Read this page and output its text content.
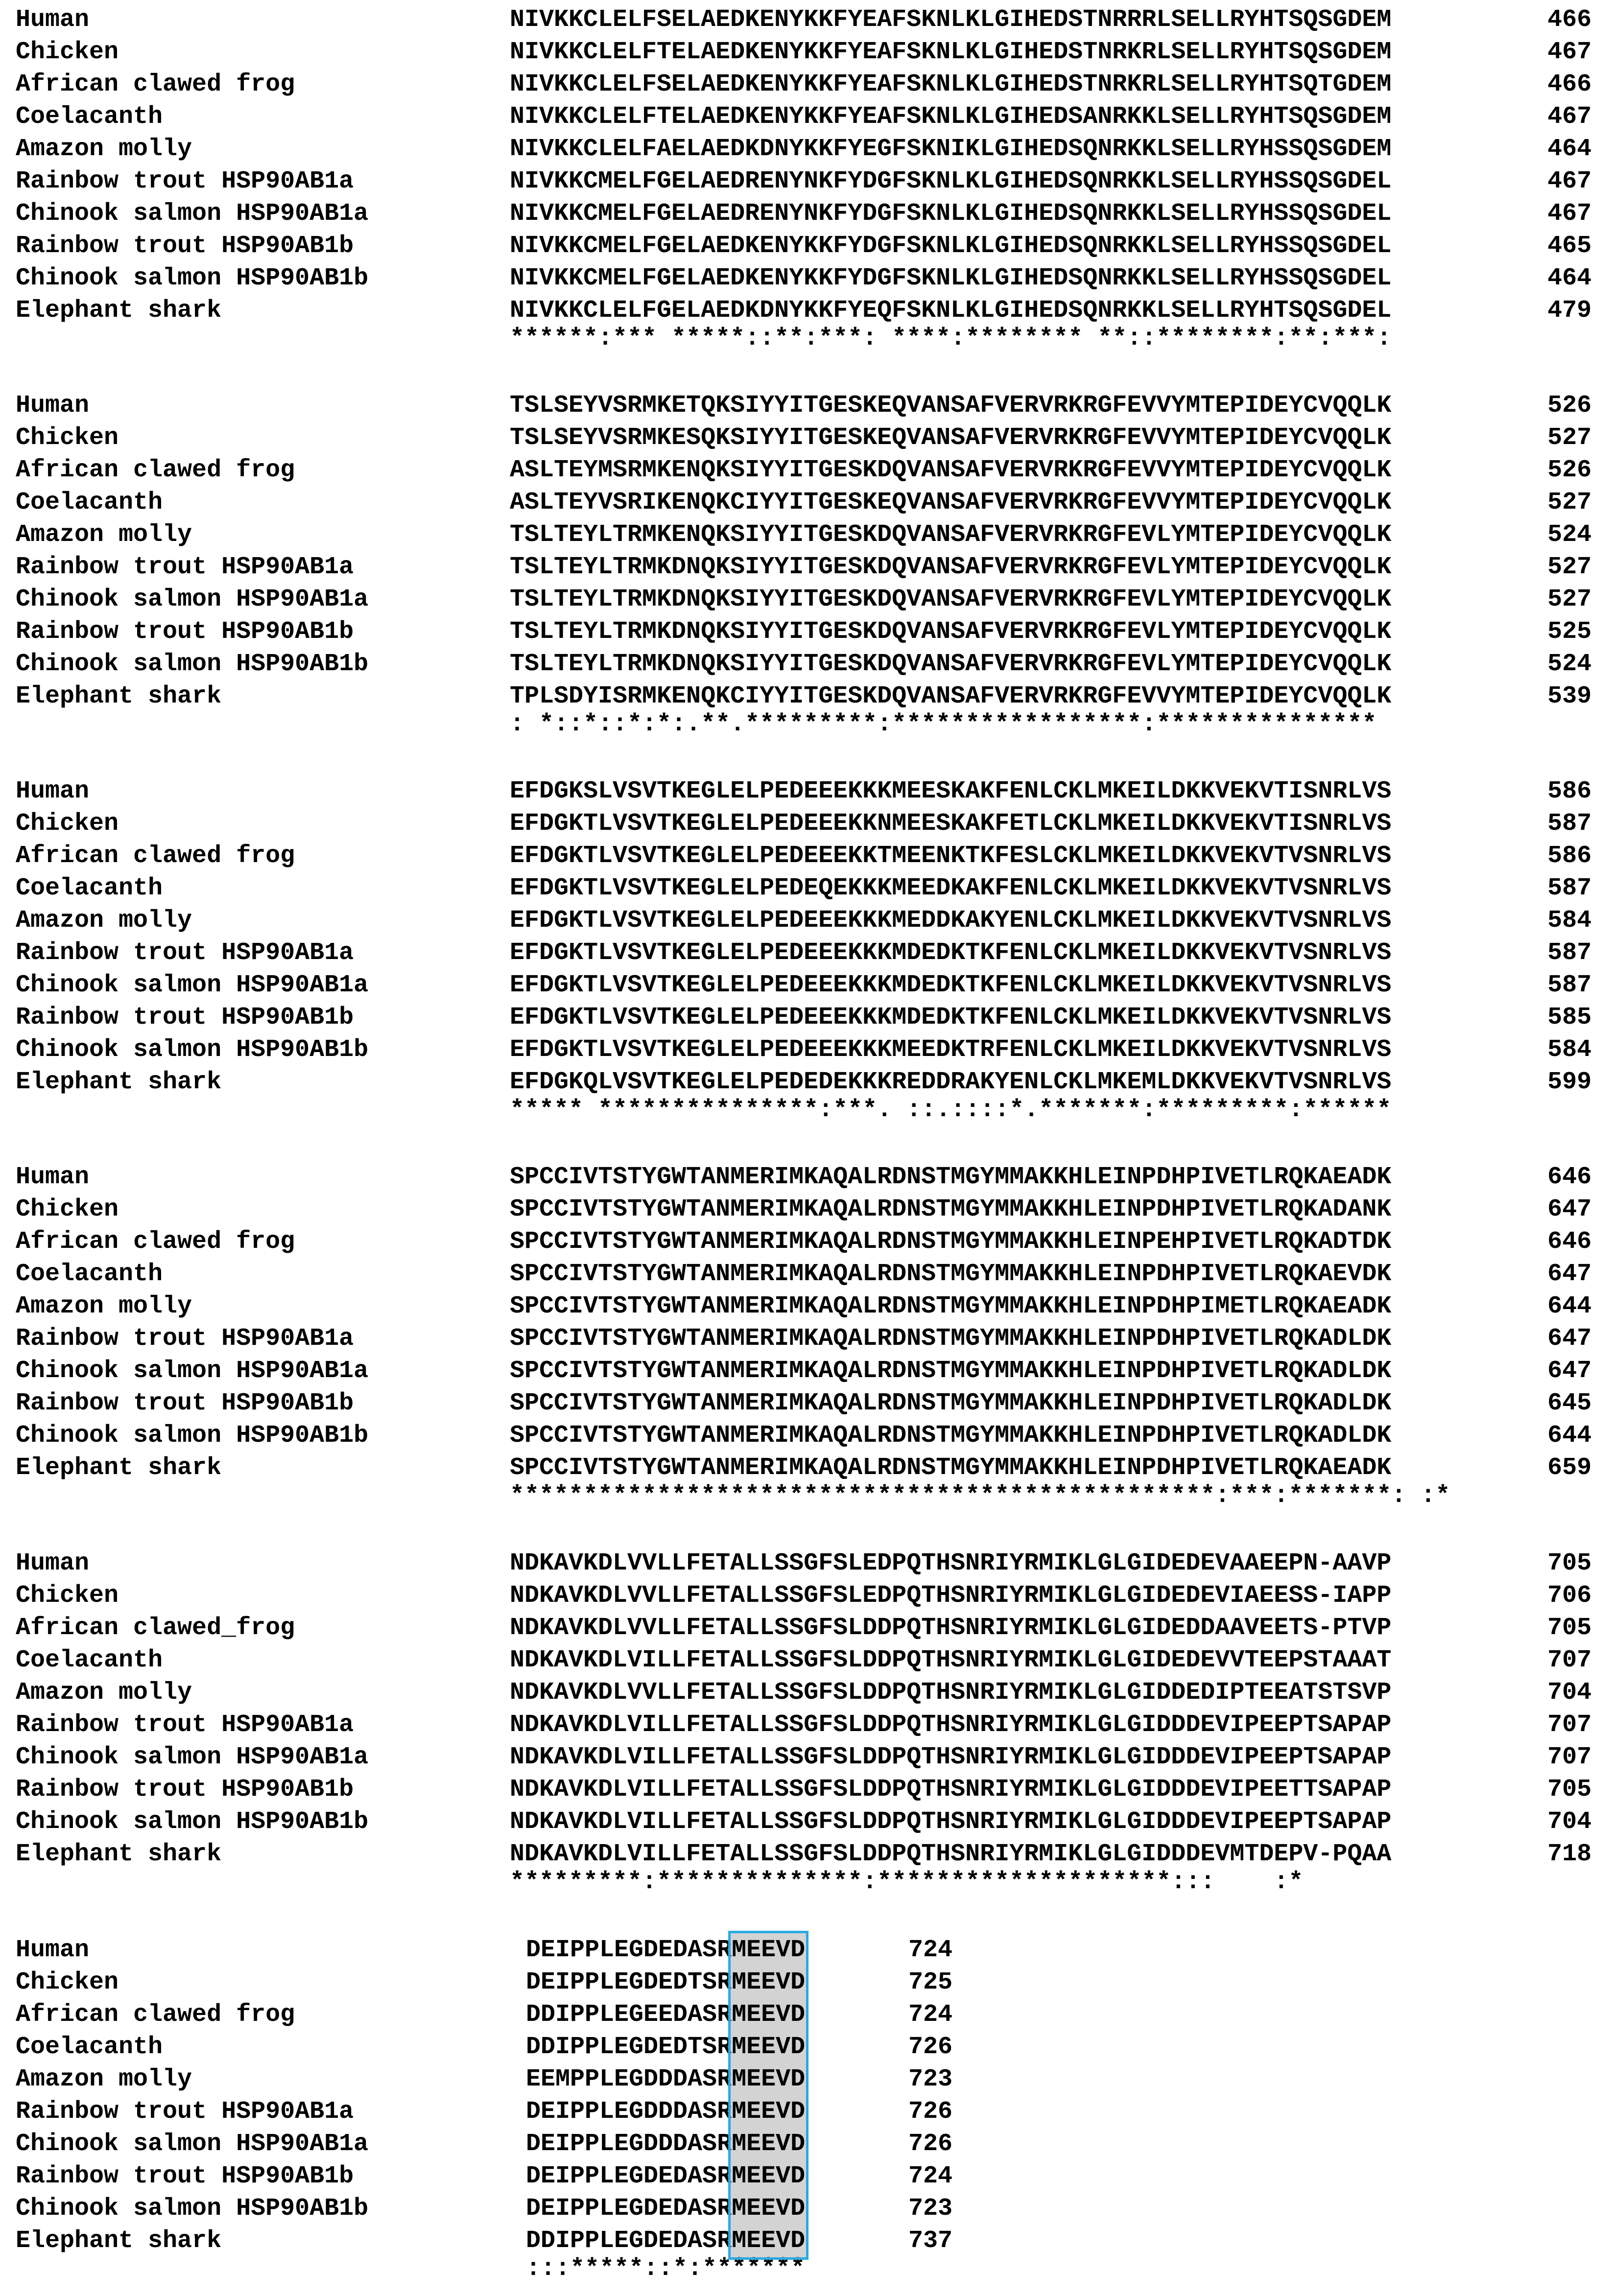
Human	NIVKKCLELFSELAEDKENYKKFYEAFSKNLKLGIHEDSTNRRRLSELLRYHTSQSGDEM	466
Chicken	NIVKKCLELFTELAEDKENYKKFYEAFSKNLKLGIHEDSTNRKRLSELLRYHTSQSGDEM	467
African clawed frog	NIVKKCLELFSELAEDKENYKKFYEAFSKNLKLGIHEDSTNRKRLSELLRYHTSQTGDEM	466
Coelacanth	NIVKKCLELFTELAEDKENYKKFYEAFSKNLKLGIHEDSANRKKLSELLRYHTSQSGDEM	467
Amazon molly	NIVKKCLELFAELAEDKDNYKKFYEGFSKNIKLGIHEDSQNRKKLSELLRYHSSQSGDEM	464
Rainbow trout HSP90AB1a	NIVKKCMELFGELAEDRENYNKFYDGFSKNLKLGIHEDSQNRKKLSELLRYHSSQSGDEL	467
Chinook salmon HSP90AB1a	NIVKKCMELFGELAEDRENYNKFYDGFSKNLKLGIHEDSQNRKKLSELLRYHSSQSGDEL	467
Rainbow trout HSP90AB1b	NIVKKCMELFGELAEDKENYKKFYDGFSKNLKLGIHEDSQNRKKLSELLRYHSSQSGDEL	465
Chinook salmon HSP90AB1b	NIVKKCMELFGELAEDKENYKKFYDGFSKNLKLGIHEDSQNRKKLSELLRYHSSQSGDEL	464
Elephant shark	NIVKKCLELFGELAEDKDNYKKFYEQFSKNLKLGIHEDSQNRKKLSELLRYHTSQSGDEL	479
******:*** *****::**:***: ****:******** **::********:**:***:
Human	TSLSEYVSRMKETQKSIYYITGESKEQVANSAFVERVRKRGFEVVYMTEPIDEYCVQQLK	526
Chicken	TSLSEYVSRMKESQKSIYYITGESKEQVANSAFVERVRKRGFEVVYMTEPIDEYCVQQLK	527
African clawed frog	ASLTEYMSRMKENQKSIYYITGESKDQVANSAFVERVRKRGFEVVYMTEPIDEYCVQQLK	526
Coelacanth	ASLTEYVSRIKENQKCIYYITGESKEQVANSAFVERVRKRGFEVVYMTEPIDEYCVQQLK	527
Amazon molly	TSLTEYLTRMKENQKSIYYITGESKDQVANSAFVERVRKRGFEVLYMTEPIDEYCVQQLK	524
Rainbow trout HSP90AB1a	TSLTEYLTRMKDNQKSIYYITGESKDQVANSAFVERVRKRGFEVLYMTEPIDEYCVQQLK	527
Chinook salmon HSP90AB1a	TSLTEYLTRMKDNQKSIYYITGESKDQVANSAFVERVRKRGFEVLYMTEPIDEYCVQQLK	527
Rainbow trout HSP90AB1b	TSLTEYLTRMKDNQKSIYYITGESKDQVANSAFVERVRKRGFEVLYMTEPIDEYCVQQLK	525
Chinook salmon HSP90AB1b	TSLTEYLTRMKDNQKSIYYITGESKDQVANSAFVERVRKRGFEVLYMTEPIDEYCVQQLK	524
Elephant shark	TPLSDYISRMKENQKCIYYITGESKDQVANSAFVERVRKRGFEVVYMTEPIDEYCVQQLK	539
: *::*::*:*:.**.*********:*****************:***************
Human	EFDGKSLVSVTKEGLELPEDEEEKKKMEESKAKFENLCKLMKEILDKKVEKVTISNRLVS	586
Chicken	EFDGKTLVSVTKEGLELPEDEEEKKNMEESKAKFETLCKLMKEILDKKVEKVTISNRLVS	587
African clawed frog	EFDGKTLVSVTKEGLELPEDEEEKKTMEENKTKFESLCKLMKEILDKKVEKVTVSNRLVS	586
Coelacanth	EFDGKTLVSVTKEGLELPEDEQEKKKMEEDKAKFENLCKLMKEILDKKVEKVTVSNRLVS	587
Amazon molly	EFDGKTLVSVTKEGLELPEDEEEKKKMEDDKAKYENLCKLMKEILDKKVEKVTVSNRLVS	584
Rainbow trout HSP90AB1a	EFDGKTLVSVTKEGLELPEDEEEKKKMDEDKTKFENLCKLMKEILDKKVEKVTVSNRLVS	587
Chinook salmon HSP90AB1a	EFDGKTLVSVTKEGLELPEDEEEKKKMDEDKTKFENLCKLMKEILDKKVEKVTVSNRLVS	587
Rainbow trout HSP90AB1b	EFDGKTLVSVTKEGLELPEDEEEKKKMDEDKTKFENLCKLMKEILDKKVEKVTVSNRLVS	585
Chinook salmon HSP90AB1b	EFDGKTLVSVTKEGLELPEDEEEKKKMEEDKTRFENLCKLMKEILDKKVEKVTVSNRLVS	584
Elephant shark	EFDGKQLVSVTKEGLELPEDEDEKKKREDDRAKYENLCKLMKEMLDKKVEKVTVSNRLVS	599
***** ***************:***. ::.::::*.*******:*********:******
Human	SPCCIVTSTYGWTANMERIMKAQALRDNSTMGYMMAKKHLEINPDHPIVETLRQKAEADK	646
Chicken	SPCCIVTSTYGWTANMERIMKAQALRDNSTMGYMMAKKHLEINPDHPIVETLRQKADANK	647
African clawed frog	SPCCIVTSTYGWTANMERIMKAQALRDNSTMGYMMAKKHLEINPEHPIVETLRQKADTDK	646
Coelacanth	SPCCIVTSTYGWTANMERIMKAQALRDNSTMGYMMAKKHLEINPDHPIVETLRQKAEVDK	647
Amazon molly	SPCCIVTSTYGWTANMERIMKAQALRDNSTMGYMMAKKHLEINPDHPIMETLRQKAEADK	644
Rainbow trout HSP90AB1a	SPCCIVTSTYGWTANMERIMKAQALRDNSTMGYMMAKKHLEINPDHPIVETLRQKADLDK	647
Chinook salmon HSP90AB1a	SPCCIVTSTYGWTANMERIMKAQALRDNSTMGYMMAKKHLEINPDHPIVETLRQKADLDK	647
Rainbow trout HSP90AB1b	SPCCIVTSTYGWTANMERIMKAQALRDNSTMGYMMAKKHLEINPDHPIVETLRQKADLDK	645
Chinook salmon HSP90AB1b	SPCCIVTSTYGWTANMERIMKAQALRDNSTMGYMMAKKHLEINPDHPIVETLRQKADLDK	644
Elephant shark	SPCCIVTSTYGWTANMERIMKAQALRDNSTMGYMMAKKHLEINPDHPIVETLRQKAEADK	659
************************************************:***:*******: :*
Human	NDKAVKDLVVLLFETALLSSGFSLEDPQTHSNRIYRMIKLGLGIDEDEVAAEEPN-AAVP	705
Chicken	NDKAVKDLVVLLFETALLSSGFSLEDPQTHSNRIYRMIKLGLGIDEDEVIAEESS-IAPP	706
African clawed_frog	NDKAVKDLVVLLFETALLSSGFSLDDPQTHSNRIYRMIKLGLGIDEDDAAVEETS-PTVP	705
Coelacanth	NDKAVKDLVILLFETALLSSGFSLDDPQTHSNRIYRMIKLGLGIDEDEVVTEEPSTAAAT	707
Amazon molly	NDKAVKDLVVLLFETALLSSGFSLDDPQTHSNRIYRMIKLGLGIDDEDIPTEEATSTSVP	704
Rainbow trout HSP90AB1a	NDKAVKDLVILLFETALLSSGFSLDDPQTHSNRIYRMIKLGLGIDDDEVIPEEPTSAPAP	707
Chinook salmon HSP90AB1a	NDKAVKDLVILLFETALLSSGFSLDDPQTHSNRIYRMIKLGLGIDDDEVIPEEPTSAPAP	707
Rainbow trout HSP90AB1b	NDKAVKDLVILLFETALLSSGFSLDDPQTHSNRIYRMIKLGLGIDDDEVIPEETTSAPAP	705
Chinook salmon HSP90AB1b	NDKAVKDLVILLFETALLSSGFSLDDPQTHSNRIYRMIKLGLGIDDDEVIPEEPTSAPAP	704
Elephant shark	NDKAVKDLVILLFETALLSSGFSLDDPQTHSNRIYRMIKLGLGIDDDEVMTDEPV-PQAA	718
*********:**************:********************:::    :*
Human	DEIPPLEGDEDASRMEEVD	724
Chicken	DEIPPLEGDEDTSRMEEVD	725
African clawed frog	DDIPPLEGEEDASRMEEVD	724
Coelacanth	DDIPPLEGDEDTSRMEEVD	726
Amazon molly	EEMPPLEGDDDASRMEEVD	723
Rainbow trout HSP90AB1a	DEIPPLEGDDDASRMEEVD	726
Chinook salmon HSP90AB1a	DEIPPLEGDDDASRMEEVD	726
Rainbow trout HSP90AB1b	DEIPPLEGDEDASRMEEVD	724
Chinook salmon HSP90AB1b	DEIPPLEGDEDASRMEEVD	723
Elephant shark	DDIPPLEGDEDASRMEEVD	737
:::*****::*:*******
